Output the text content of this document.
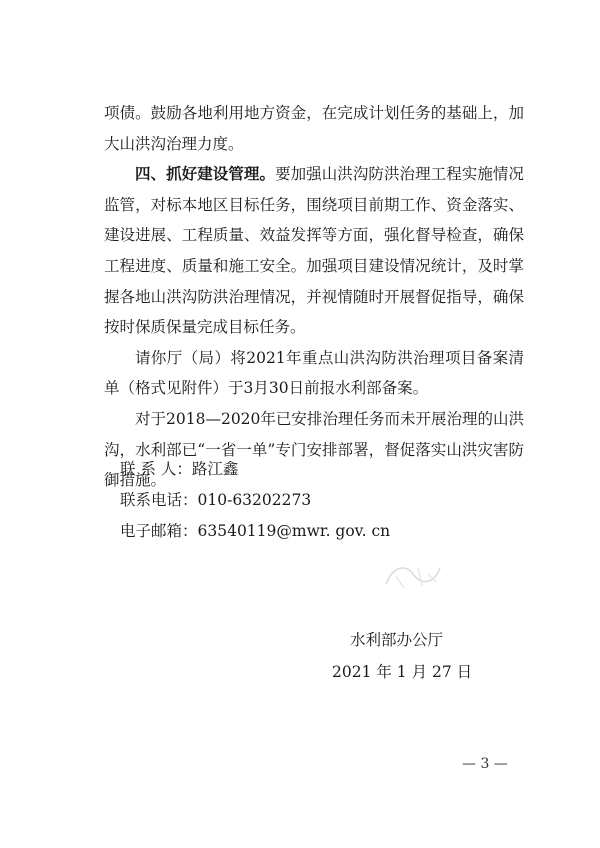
项债。鼓励各地利用地方资金，在完成计划任务的基础上，加大山洪沟治理力度。

四、抓好建设管理。要加强山洪沟防洪治理工程实施情况监管，对标本地区目标任务，围绕项目前期工作、资金落实、建设进展、工程质量、效益发挥等方面，强化督导检查，确保工程进度、质量和施工安全。加强项目建设情况统计，及时掌握各地山洪沟防洪治理情况，并视情随时开展督促指导，确保按时保质保量完成目标任务。

请你厅（局）将2021年重点山洪沟防洪治理项目备案清单（格式见附件）于3月30日前报水利部备案。

对于2018—2020年已安排治理任务而未开展治理的山洪沟，水利部已“一省一单”专门安排部署，督促落实山洪灾害防御措施。

联 系 人：路江鑫
联系电话：010-63202273
电子邮箱：63540119@mwr. gov. cn
水利部办公厅
2021 年 1 月 27 日
— 3 —
